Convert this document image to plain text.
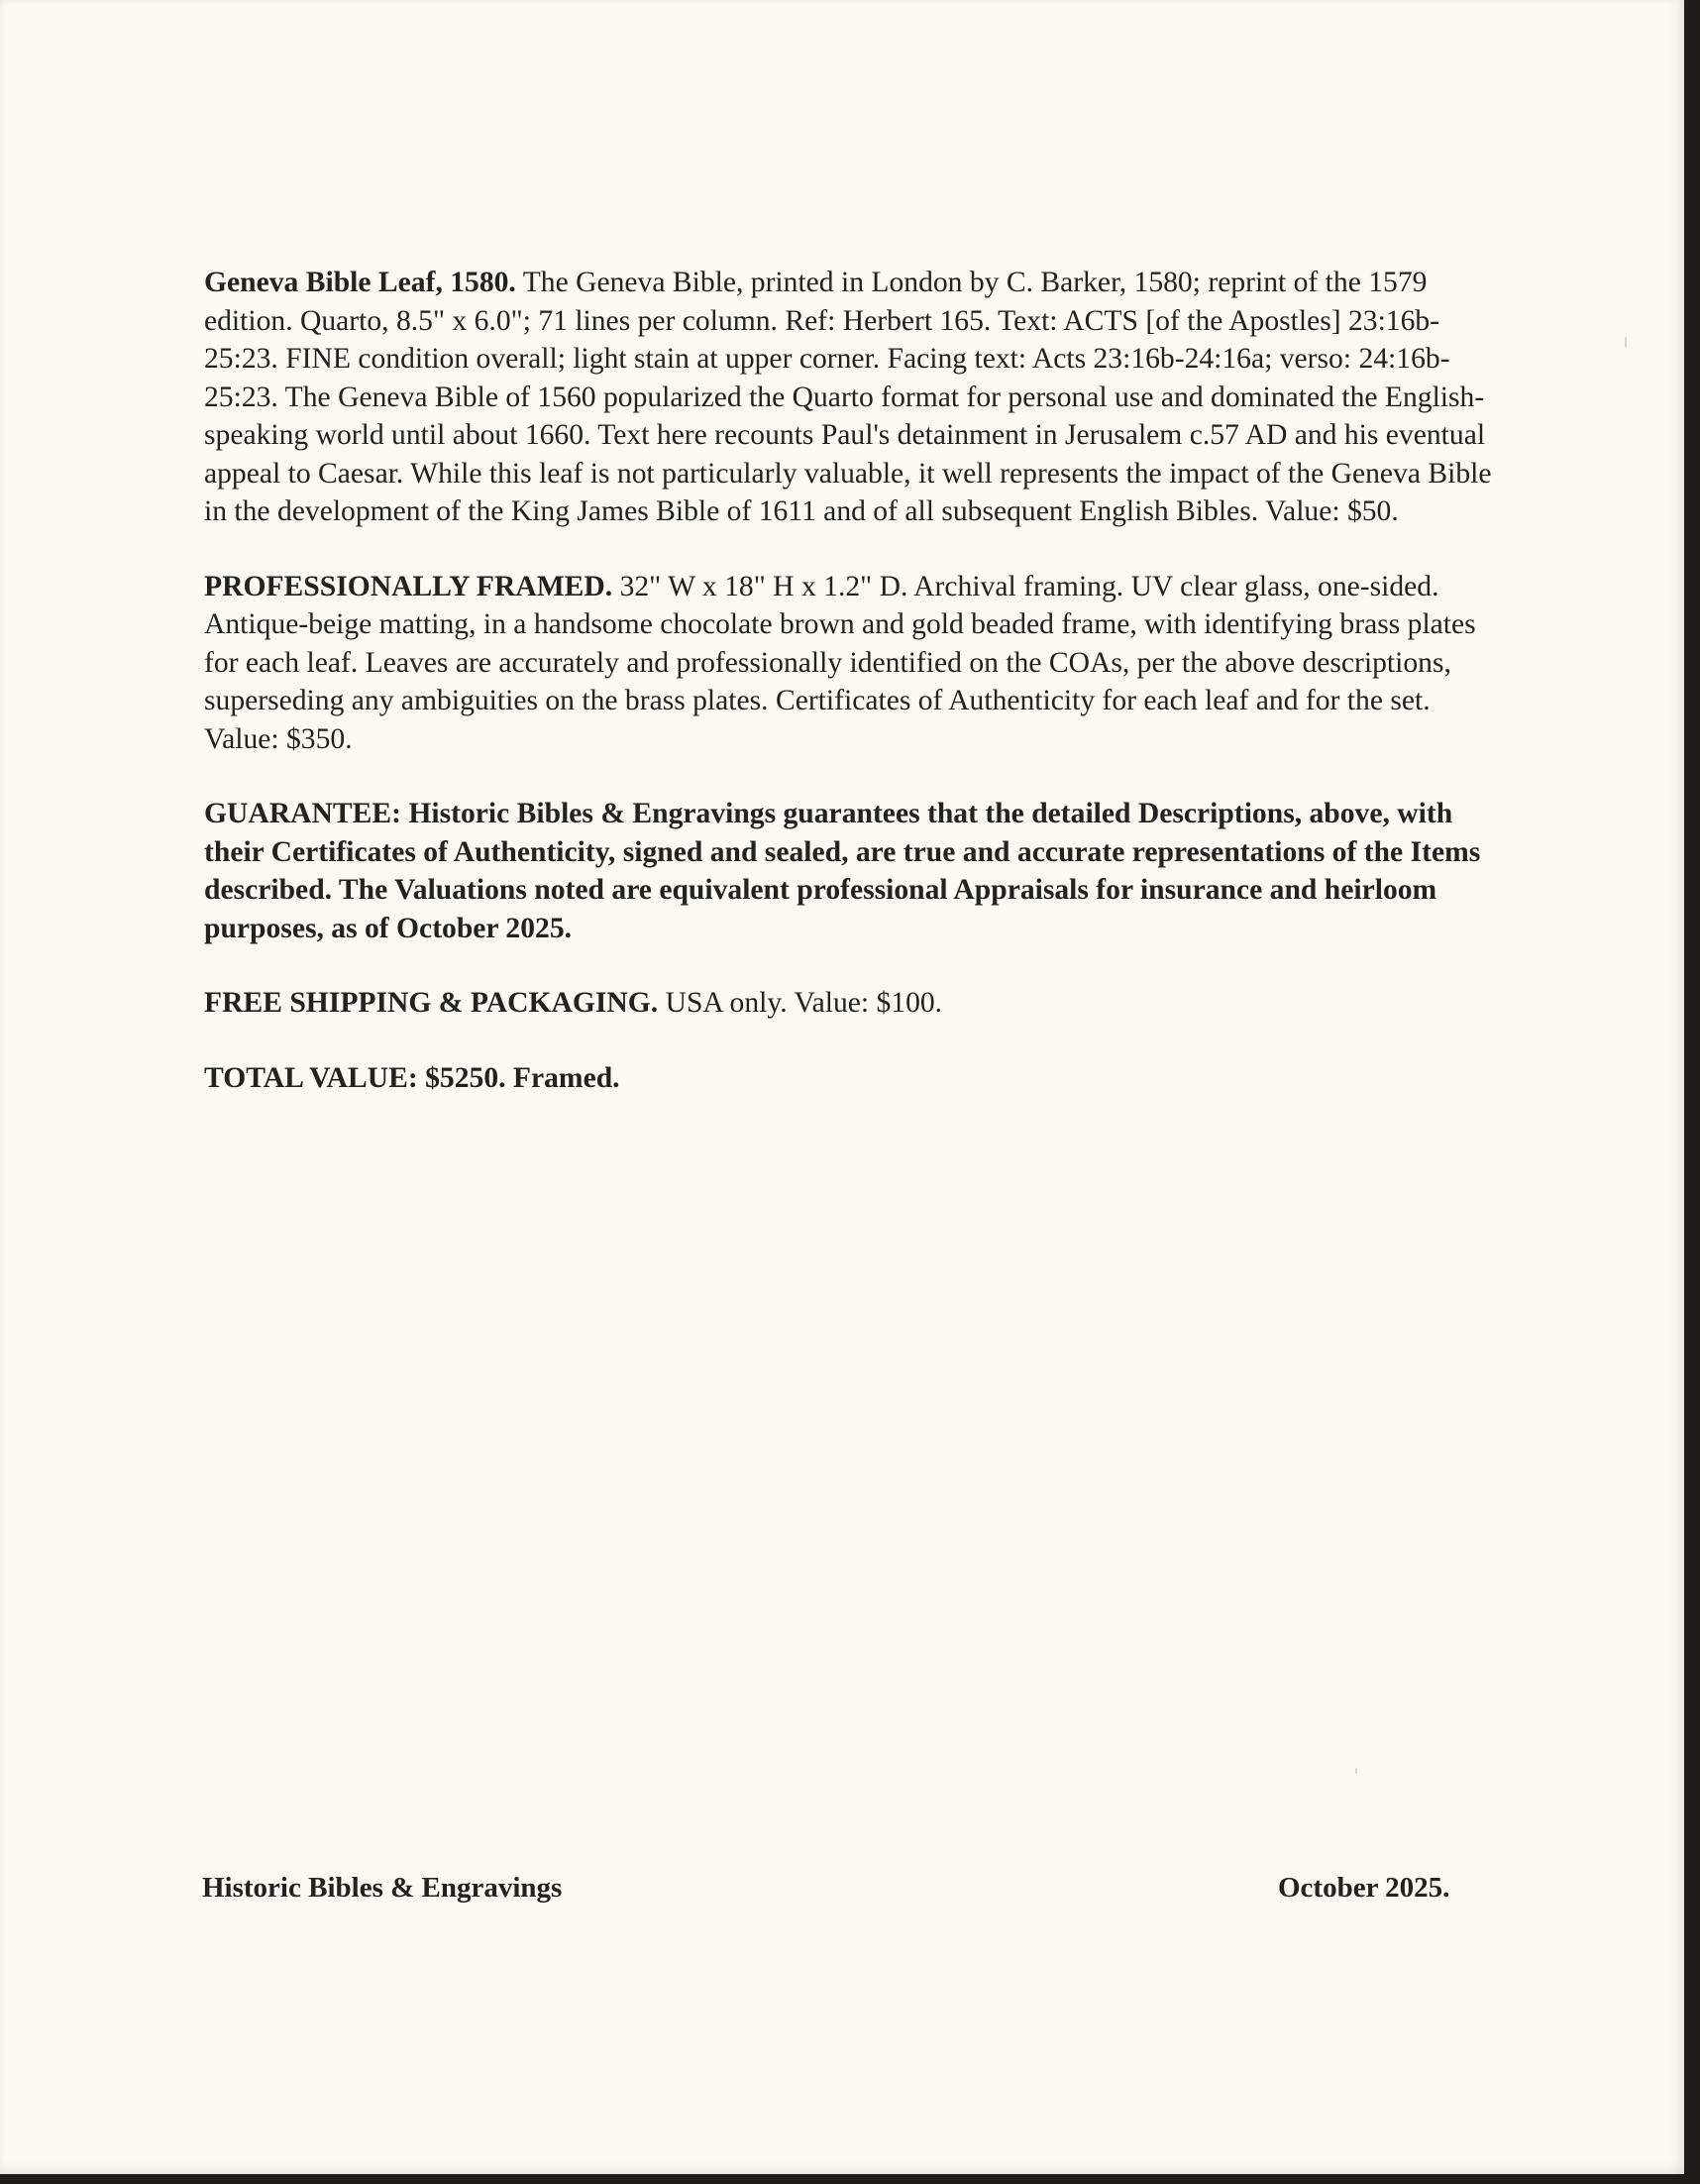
Geneva Bible Leaf, 1580. The Geneva Bible, printed in London by C. Barker, 1580; reprint of the 1579 edition. Quarto, 8.5" x 6.0"; 71 lines per column. Ref: Herbert 165. Text: ACTS [of the Apostles] 23:16b-25:23. FINE condition overall; light stain at upper corner. Facing text: Acts 23:16b-24:16a; verso: 24:16b-25:23. The Geneva Bible of 1560 popularized the Quarto format for personal use and dominated the English-speaking world until about 1660. Text here recounts Paul's detainment in Jerusalem c.57 AD and his eventual appeal to Caesar. While this leaf is not particularly valuable, it well represents the impact of the Geneva Bible in the development of the King James Bible of 1611 and of all subsequent English Bibles. Value: $50.

PROFESSIONALLY FRAMED. 32" W x 18" H x 1.2" D. Archival framing. UV clear glass, one-sided. Antique-beige matting, in a handsome chocolate brown and gold beaded frame, with identifying brass plates for each leaf. Leaves are accurately and professionally identified on the COAs, per the above descriptions, superseding any ambiguities on the brass plates. Certificates of Authenticity for each leaf and for the set. Value: $350.

GUARANTEE: Historic Bibles & Engravings guarantees that the detailed Descriptions, above, with their Certificates of Authenticity, signed and sealed, are true and accurate representations of the Items described. The Valuations noted are equivalent professional Appraisals for insurance and heirloom purposes, as of October 2025.

FREE SHIPPING & PACKAGING. USA only. Value: $100.

TOTAL VALUE: $5250. Framed.

Historic Bibles & Engravings	October 2025.
